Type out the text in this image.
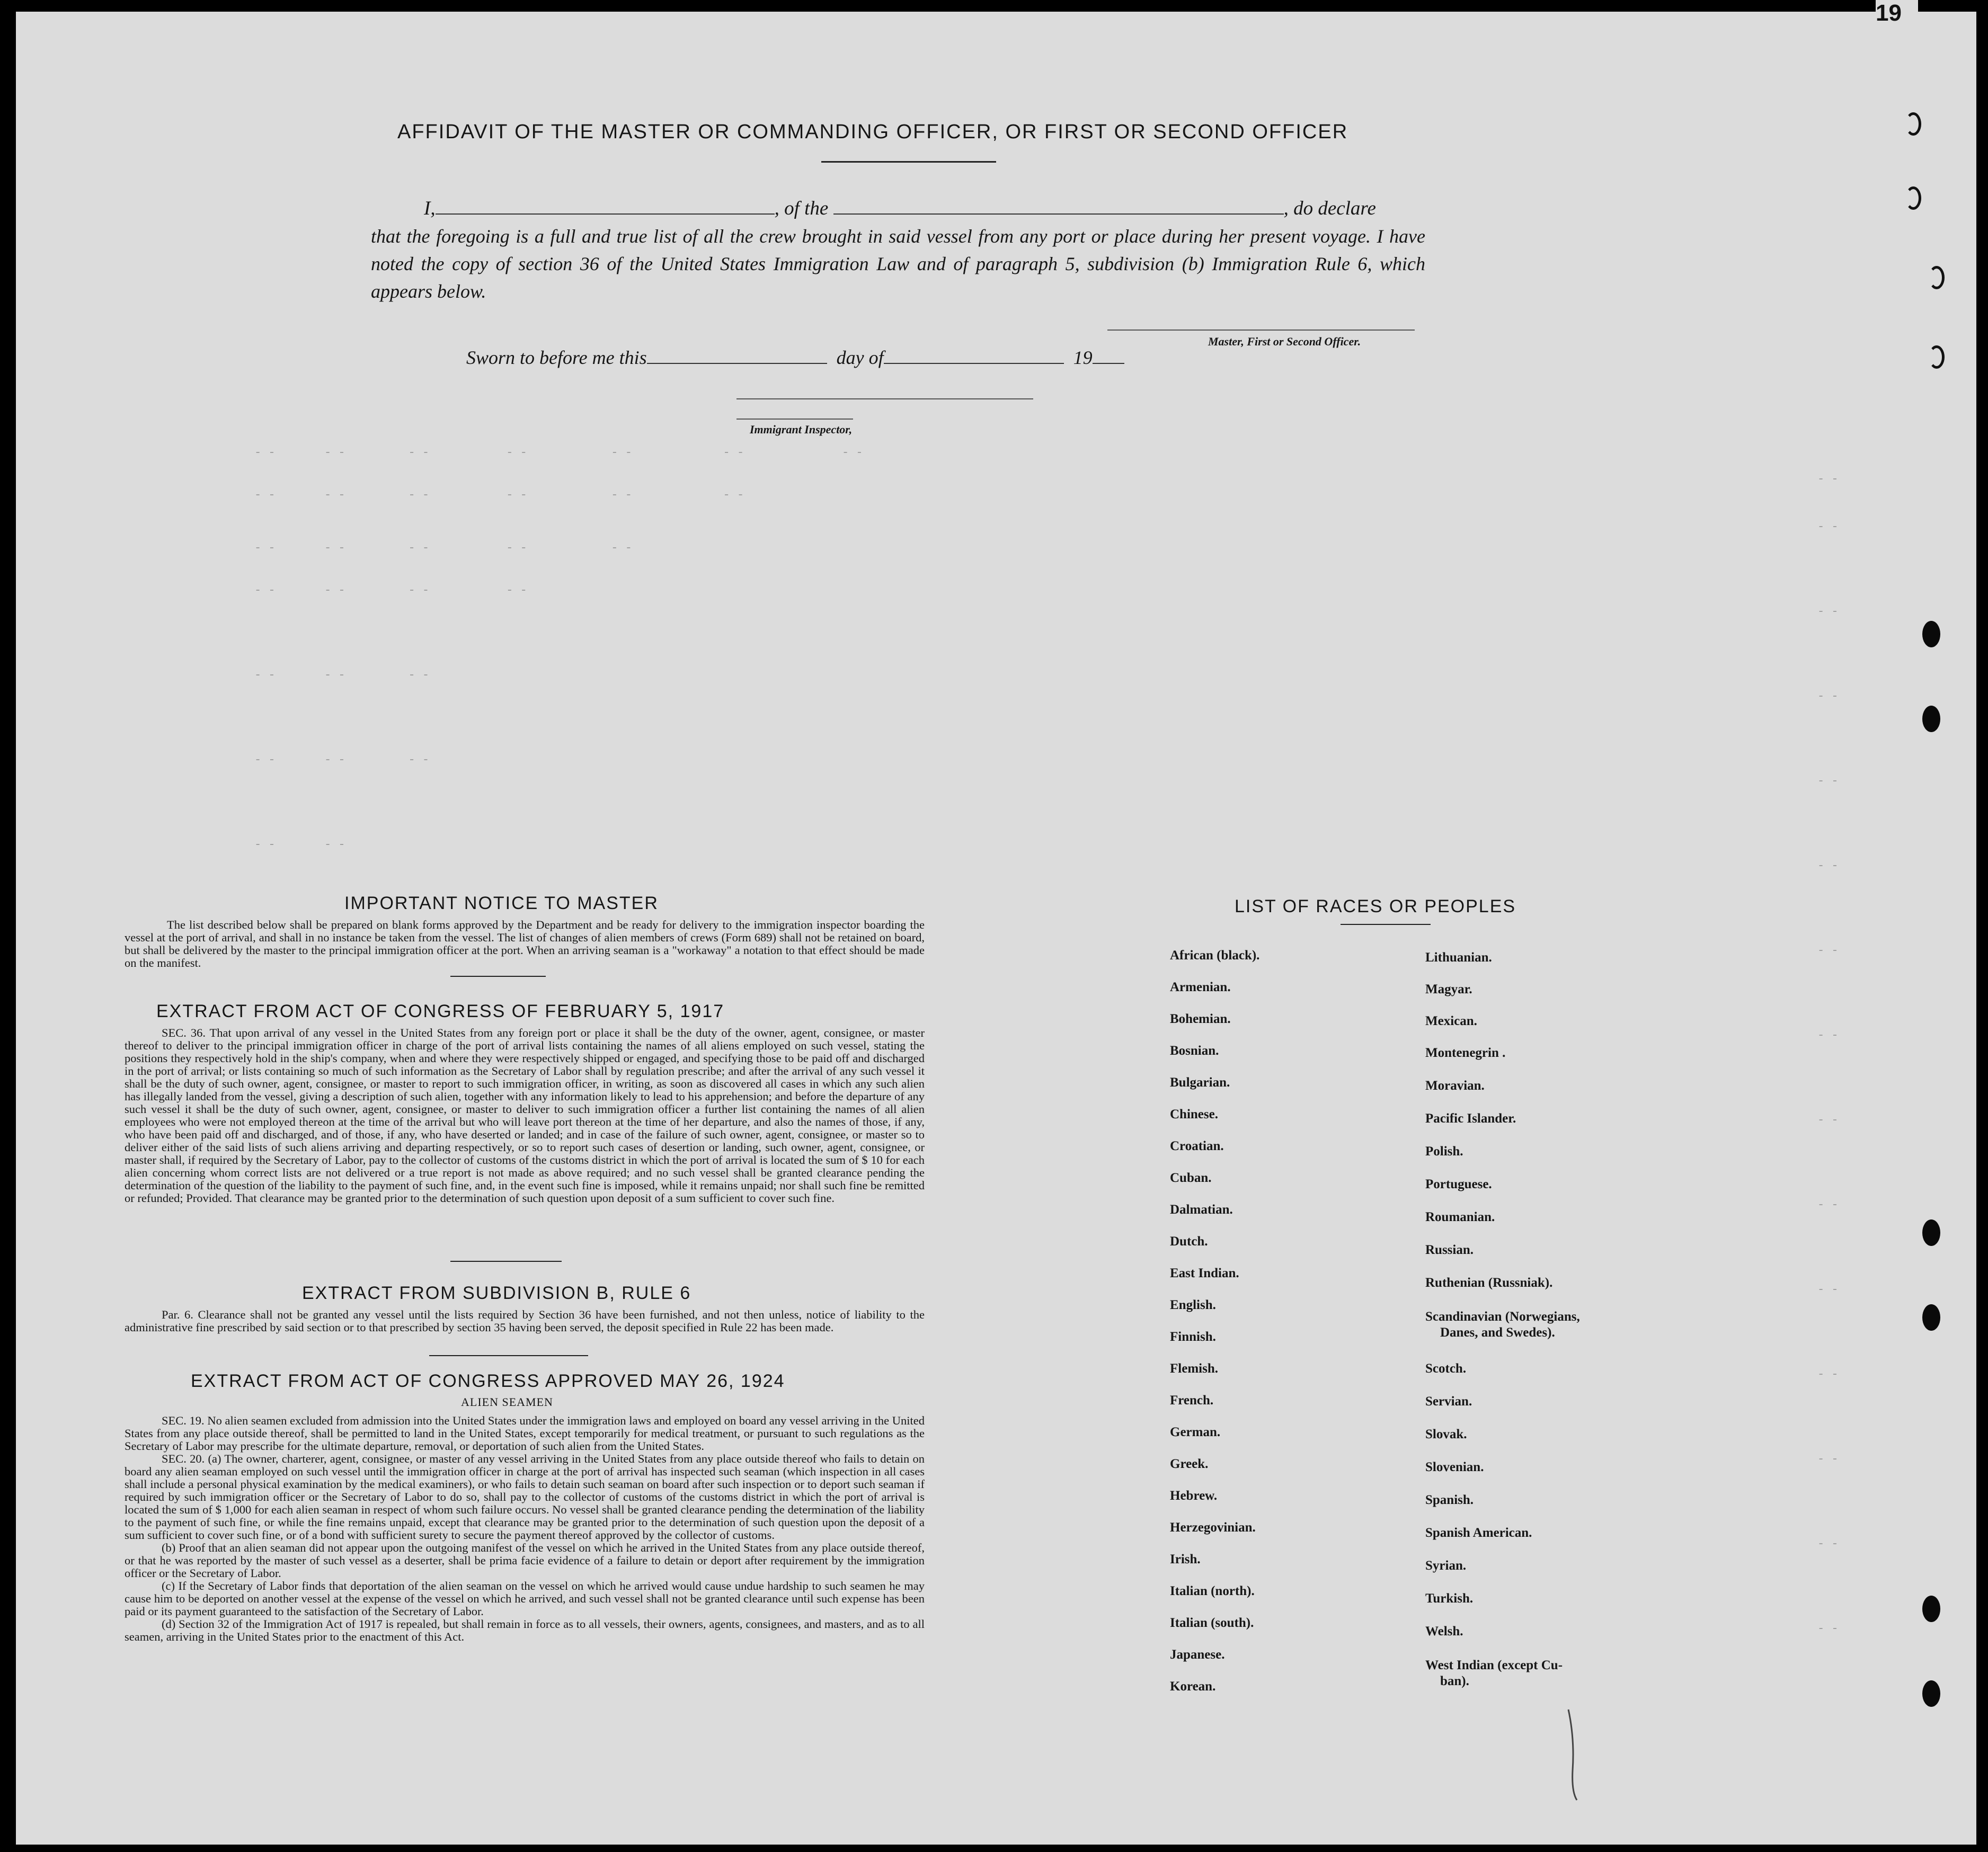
- -       - -         - -           - -            - -             - -              - -
- -       - -         - -           - -            - -             - -
- -       - -         - -           - -            - -
- -       - -         - -           - -
- -       - -         - -
- -       - -         - -
- -       - -
- -
- -
- -
- -
- -
- -
- -
- -
- -
- -
- -
- -
- -
- -
- -
AFFIDAVIT OF THE MASTER OR COMMANDING OFFICER, OR FIRST OR SECOND OFFICER
I,	, of the	, do declare
that the foregoing is a full and true list of all the crew brought in said vessel from any port or place during her present voyage. I have noted the copy of section 36 of the United States Immigration Law and of paragraph 5, subdivision (b) Immigration Rule 6, which appears below.
Master, First or Second Officer.
Sworn to before me this	day of	19
Immigrant Inspector,
IMPORTANT NOTICE TO MASTER
The list described below shall be prepared on blank forms approved by the Department and be ready for delivery to the immigration inspector boarding the vessel at the port of arrival, and shall in no instance be taken from the vessel. The list of changes of alien members of crews (Form 689) shall not be retained on board, but shall be delivered by the master to the principal immigration officer at the port. When an arriving seaman is a "workaway" a notation to that effect should be made on the manifest.
EXTRACT FROM ACT OF CONGRESS OF FEBRUARY 5, 1917
SEC. 36. That upon arrival of any vessel in the United States from any foreign port or place it shall be the duty of the owner, agent, consignee, or master thereof to deliver to the principal immigration officer in charge of the port of arrival lists containing the names of all aliens employed on such vessel, stating the positions they respectively hold in the ship's company, when and where they were respectively shipped or engaged, and specifying those to be paid off and discharged in the port of arrival; or lists containing so much of such information as the Secretary of Labor shall by regulation prescribe; and after the arrival of any such vessel it shall be the duty of such owner, agent, consignee, or master to report to such immigration officer, in writing, as soon as discovered all cases in which any such alien has illegally landed from the vessel, giving a description of such alien, together with any information likely to lead to his apprehension; and before the departure of any such vessel it shall be the duty of such owner, agent, consignee, or master to deliver to such immigration officer a further list containing the names of all alien employees who were not employed thereon at the time of the arrival but who will leave port thereon at the time of her departure, and also the names of those, if any, who have been paid off and discharged, and of those, if any, who have deserted or landed; and in case of the failure of such owner, agent, consignee, or master so to deliver either of the said lists of such aliens arriving and departing respectively, or so to report such cases of desertion or landing, such owner, agent, consignee, or master shall, if required by the Secretary of Labor, pay to the collector of customs of the customs district in which the port of arrival is located the sum of $ 10 for each alien concerning whom correct lists are not delivered or a true report is not made as above required; and no such vessel shall be granted clearance pending the determination of the question of the liability to the payment of such fine, and, in the event such fine is imposed, while it remains unpaid; nor shall such fine be remitted or refunded; Provided. That clearance may be granted prior to the determination of such question upon deposit of a sum sufficient to cover such fine.
EXTRACT FROM SUBDIVISION B, RULE 6
Par. 6. Clearance shall not be granted any vessel until the lists required by Section 36 have been furnished, and not then unless, notice of liability to the administrative fine prescribed by said section or to that prescribed by section 35 having been served, the deposit specified in Rule 22 has been made.
EXTRACT FROM ACT OF CONGRESS APPROVED MAY 26, 1924
ALIEN SEAMEN
SEC. 19. No alien seamen excluded from admission into the United States under the immigration laws and employed on board any vessel arriving in the United States from any place outside thereof, shall be permitted to land in the United States, except temporarily for medical treatment, or pursuant to such regulations as the Secretary of Labor may prescribe for the ultimate departure, removal, or deportation of such alien from the United States.
SEC. 20. (a) The owner, charterer, agent, consignee, or master of any vessel arriving in the United States from any place outside thereof who fails to detain on board any alien seaman employed on such vessel until the immigration officer in charge at the port of arrival has inspected such seaman (which inspection in all cases shall include a personal physical examination by the medical examiners), or who fails to detain such seaman on board after such inspection or to deport such seaman if required by such immigration officer or the Secretary of Labor to do so, shall pay to the collector of customs of the customs district in which the port of arrival is located the sum of $ 1,000 for each alien seaman in respect of whom such failure occurs. No vessel shall be granted clearance pending the determination of the liability to the payment of such fine, or while the fine remains unpaid, except that clearance may be granted prior to the determination of such question upon the deposit of a sum sufficient to cover such fine, or of a bond with sufficient surety to secure the payment thereof approved by the collector of customs.
(b) Proof that an alien seaman did not appear upon the outgoing manifest of the vessel on which he arrived in the United States from any place outside thereof, or that he was reported by the master of such vessel as a deserter, shall be prima facie evidence of a failure to detain or deport after requirement by the immigration officer or the Secretary of Labor.
(c) If the Secretary of Labor finds that deportation of the alien seaman on the vessel on which he arrived would cause undue hardship to such seamen he may cause him to be deported on another vessel at the expense of the vessel on which he arrived, and such vessel shall not be granted clearance until such expense has been paid or its payment guaranteed to the satisfaction of the Secretary of Labor.
(d) Section 32 of the Immigration Act of 1917 is repealed, but shall remain in force as to all vessels, their owners, agents, consignees, and masters, and as to all seamen, arriving in the United States prior to the enactment of this Act.
LIST OF RACES OR PEOPLES
African (black).
Armenian.
Bohemian.
Bosnian.
Bulgarian.
Chinese.
Croatian.
Cuban.
Dalmatian.
Dutch.
East Indian.
English.
Finnish.
Flemish.
French.
German.
Greek.
Hebrew.
Herzegovinian.
Irish.
Italian (north).
Italian (south).
Japanese.
Korean.
Lithuanian.
Magyar.
Mexican.
Montenegrin .
Moravian.
Pacific Islander.
Polish.
Portuguese.
Roumanian.
Russian.
Ruthenian (Russniak).
Scandinavian (Norwegians,
Danes, and Swedes).
Scotch.
Servian.
Slovak.
Slovenian.
Spanish.
Spanish American.
Syrian.
Turkish.
Welsh.
West Indian (except Cu-
ban).
19
